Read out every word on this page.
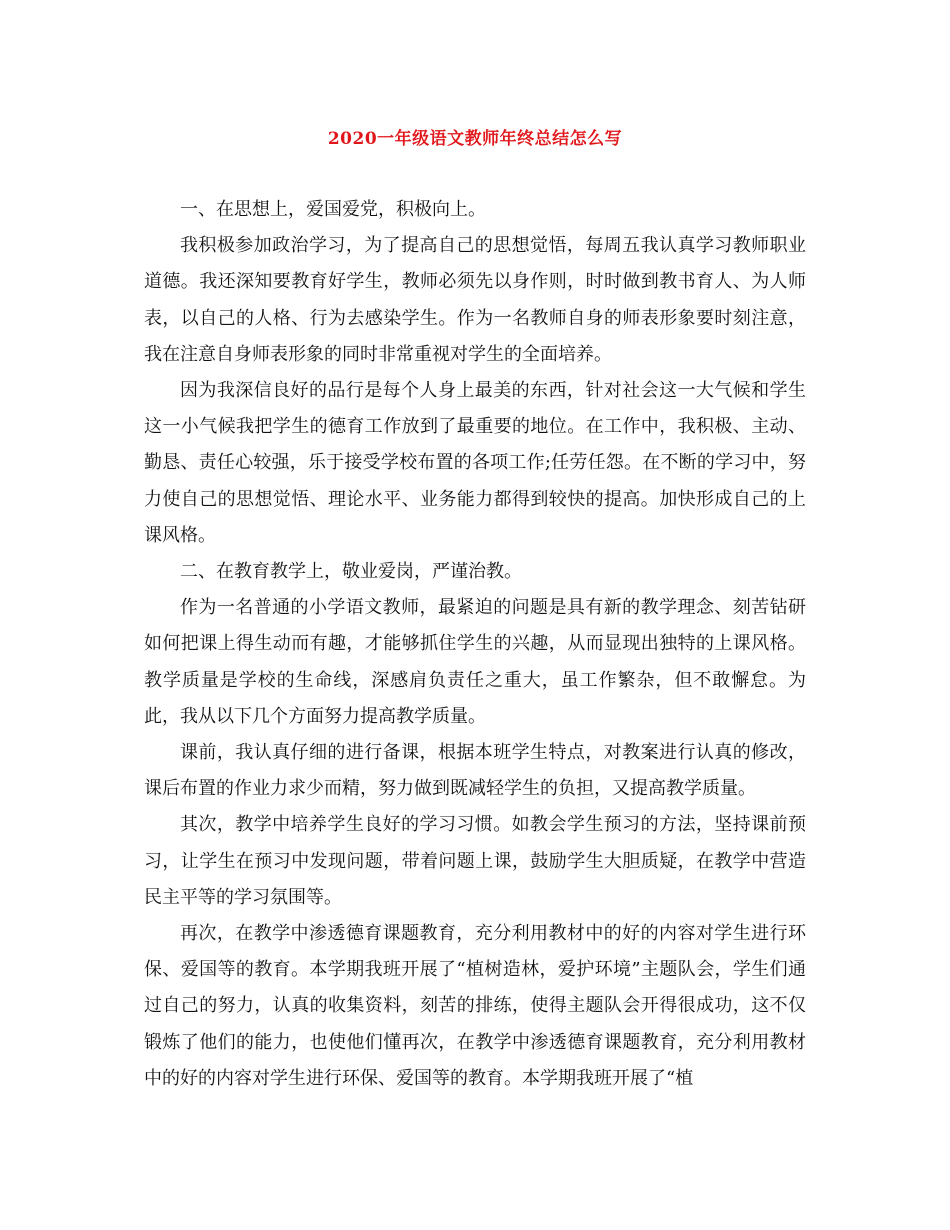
2020一年级语文教师年终总结怎么写

一、在思想上，爱国爱党，积极向上。

我积极参加政治学习，为了提高自己的思想觉悟，每周五我认真学习教师职业道德。我还深知要教育好学生，教师必须先以身作则，时时做到教书育人、为人师表，以自己的人格、行为去感染学生。作为一名教师自身的师表形象要时刻注意，我在注意自身师表形象的同时非常重视对学生的全面培养。

因为我深信良好的品行是每个人身上最美的东西，针对社会这一大气候和学生这一小气候我把学生的德育工作放到了最重要的地位。在工作中，我积极、主动、勤恳、责任心较强，乐于接受学校布置的各项工作;任劳任怨。在不断的学习中，努力使自己的思想觉悟、理论水平、业务能力都得到较快的提高。加快形成自己的上课风格。

二、在教育教学上，敬业爱岗，严谨治教。

作为一名普通的小学语文教师，最紧迫的问题是具有新的教学理念、刻苦钻研如何把课上得生动而有趣，才能够抓住学生的兴趣，从而显现出独特的上课风格。教学质量是学校的生命线，深感肩负责任之重大，虽工作繁杂，但不敢懈怠。为此，我从以下几个方面努力提高教学质量。

课前，我认真仔细的进行备课，根据本班学生特点，对教案进行认真的修改，课后布置的作业力求少而精，努力做到既减轻学生的负担，又提高教学质量。

其次，教学中培养学生良好的学习习惯。如教会学生预习的方法，坚持课前预习，让学生在预习中发现问题，带着问题上课，鼓励学生大胆质疑，在教学中营造民主平等的学习氛围等。

再次，在教学中渗透德育课题教育，充分利用教材中的好的内容对学生进行环保、爱国等的教育。本学期我班开展了“植树造林，爱护环境”主题队会，学生们通过自己的努力，认真的收集资料，刻苦的排练，使得主题队会开得很成功，这不仅锻炼了他们的能力，也使他们懂再次，在教学中渗透德育课题教育，充分利用教材中的好的内容对学生进行环保、爱国等的教育。本学期我班开展了“植
